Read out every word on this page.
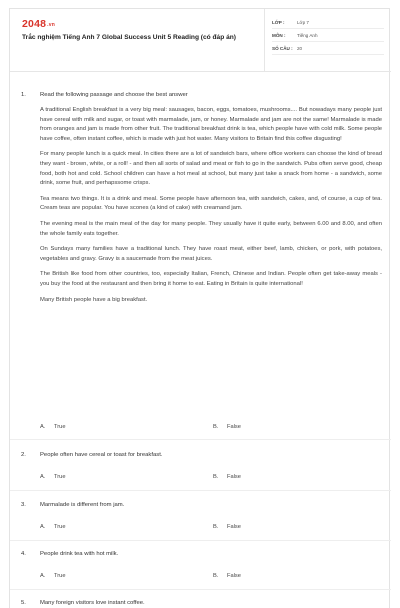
2048.vn
Trắc nghiệm Tiếng Anh 7 Global Success Unit 5 Reading (có đáp án)
LỚP :	Lớp 7
MÔN : Tiếng Anh
SỐ CÂU : 20
1. Read the following passage and choose the best answer

A traditional English breakfast is a very big meal: sausages, bacon, eggs, tomatoes, mushrooms.... But nowadays many people just have cereal with milk and sugar, or toast with marmalade, jam, or honey. Marmalade and jam are not the same! Marmalade is made from oranges and jam is made from other fruit. The traditional breakfast drink is tea, which people have with cold milk. Some people have coffee, often instant coffee, which is made with just hot water. Many visitors to Britain find this coffee disgusting!

For many people lunch is a quick meal. In cities there are a lot of sandwich bars, where office workers can choose the kind of bread they want - brown, white, or a roll! - and then all sorts of salad and meat or fish to go in the sandwich. Pubs often serve good, cheap food, both hot and cold. School children can have a hot meal at school, but many just take a snack from home - a sandwich, some drink, some fruit, and perhapssome crisps.

Tea means two things. It is a drink and meal. Some people have afternoon tea, with sandwich, cakes, and, of course, a cup of tea. Cream teas are popular. You have scones (a kind of cake) with creamand jam.

The evening meal is the main meal of the day for many people. They usually have it quite early, between 6.00 and 8.00, and often the whole family eats together.

On Sundays many families have a traditional lunch. They have roast meat, either beef, lamb, chicken, or pork, with potatoes, vegetables and gravy. Gravy is a saucemade from the meat juices.

The British like food from other countries, too, especially Italian, French, Chinese and Indian. People often get take-away meals - you buy the food at the restaurant and then bring it home to eat. Eating in Britain is quite international!

Many British people have a big breakfast.

A. True	B. False
2. People often have cereal or toast for breakfast.
A. True	B. False
3. Marmalade is different from jam.
A. True	B. False
4. People drink tea with hot milk.
A. True	B. False
5. Many foreign visitors love instant coffee.
